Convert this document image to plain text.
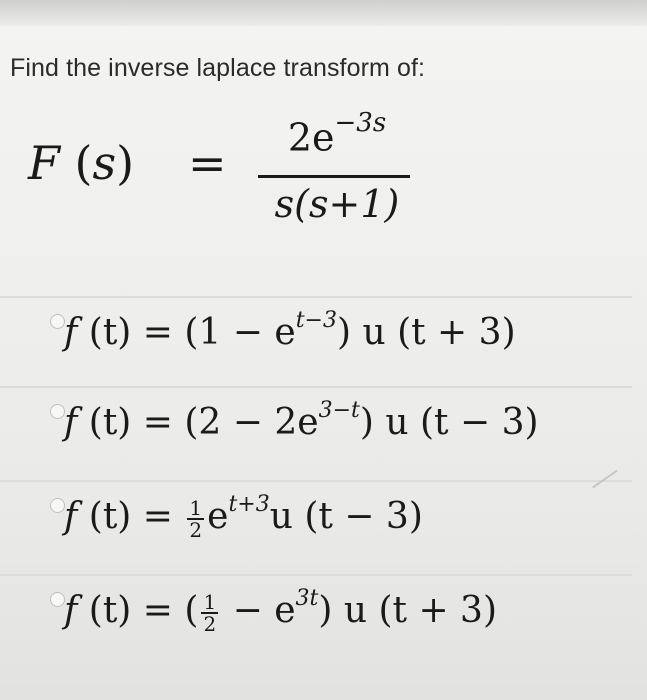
Find the inverse laplace transform of:
F (s) =	$2e^{-3s}$
s(s+1)
f $(t) = (1 - e^{t-3})$ u (t + 3)
f $(t) = (2 - 2e^{3-t})$ u (t − 3)
f $(t) = \frac{1}{2} e^{t+3}u$ (t − 3)
f (t) = ( $\frac{1}{2} - e^{3t}$) u (t + 3)
